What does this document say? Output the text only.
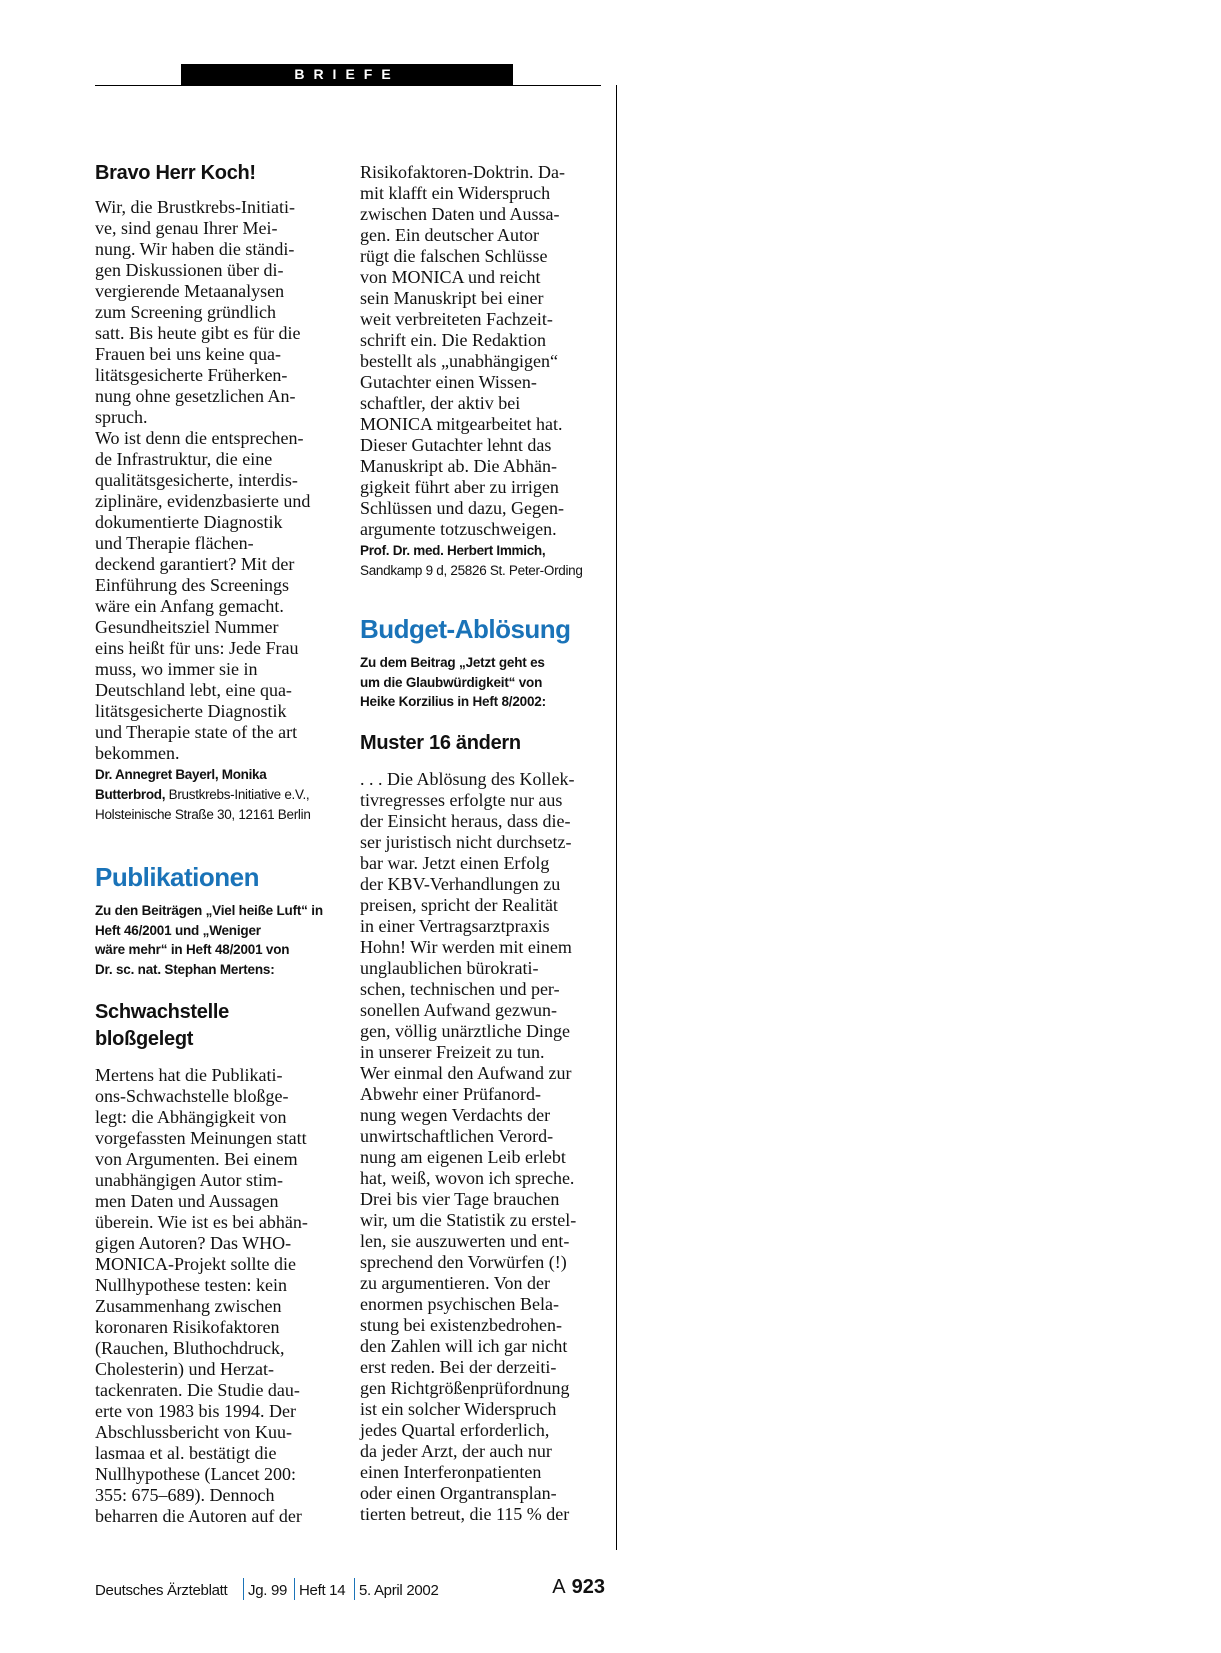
BRIEFE
Bravo Herr Koch!
Wir, die Brustkrebs-Initiati-
ve, sind genau Ihrer Mei-
nung. Wir haben die ständi-
gen Diskussionen über di-
vergierende Metaanalysen
zum Screening gründlich
satt. Bis heute gibt es für die
Frauen bei uns keine qua-
litätsgesicherte Früherken-
nung ohne gesetzlichen An-
spruch.
Wo ist denn die entsprechen-
de Infrastruktur, die eine
qualitätsgesicherte, interdis-
ziplinäre, evidenzbasierte und
dokumentierte Diagnostik
und Therapie flächen-
deckend garantiert? Mit der
Einführung des Screenings
wäre ein Anfang gemacht.
Gesundheitsziel Nummer
eins heißt für uns: Jede Frau
muss, wo immer sie in
Deutschland lebt, eine qua-
litätsgesicherte Diagnostik
und Therapie state of the art
bekommen.
Dr. Annegret Bayerl, Monika
Butterbrod, Brustkrebs-Initiative e.V.,
Holsteinische Straße 30, 12161 Berlin
Publikationen
Zu den Beiträgen „Viel heiße Luft“ in
Heft 46/2001 und „Weniger
wäre mehr“ in Heft 48/2001 von
Dr. sc. nat. Stephan Mertens:
Schwachstelle
bloßgelegt
Mertens hat die Publikati-
ons-Schwachstelle bloßge-
legt: die Abhängigkeit von
vorgefassten Meinungen statt
von Argumenten. Bei einem
unabhängigen Autor stim-
men Daten und Aussagen
überein. Wie ist es bei abhän-
gigen Autoren? Das WHO-
MONICA-Projekt sollte die
Nullhypothese testen: kein
Zusammenhang zwischen
koronaren Risikofaktoren
(Rauchen, Bluthochdruck,
Cholesterin) und Herzat-
tackenraten. Die Studie dau-
erte von 1983 bis 1994. Der
Abschlussbericht von Kuu-
lasmaa et al. bestätigt die
Nullhypothese (Lancet 200:
355: 675–689). Dennoch
beharren die Autoren auf der
Risikofaktoren-Doktrin. Da-
mit klafft ein Widerspruch
zwischen Daten und Aussa-
gen. Ein deutscher Autor
rügt die falschen Schlüsse
von MONICA und reicht
sein Manuskript bei einer
weit verbreiteten Fachzeit-
schrift ein. Die Redaktion
bestellt als „unabhängigen“
Gutachter einen Wissen-
schaftler, der aktiv bei
MONICA mitgearbeitet hat.
Dieser Gutachter lehnt das
Manuskript ab. Die Abhän-
gigkeit führt aber zu irrigen
Schlüssen und dazu, Gegen-
argumente totzuschweigen.
Prof. Dr. med. Herbert Immich,
Sandkamp 9 d, 25826 St. Peter-Ording
Budget-Ablösung
Zu dem Beitrag „Jetzt geht es
um die Glaubwürdigkeit“ von
Heike Korzilius in Heft 8/2002:
Muster 16 ändern
. . . Die Ablösung des Kollek-
tivregresses erfolgte nur aus
der Einsicht heraus, dass die-
ser juristisch nicht durchsetz-
bar war. Jetzt einen Erfolg
der KBV-Verhandlungen zu
preisen, spricht der Realität
in einer Vertragsarztpraxis
Hohn! Wir werden mit einem
unglaublichen bürokrati-
schen, technischen und per-
sonellen Aufwand gezwun-
gen, völlig unärztliche Dinge
in unserer Freizeit zu tun.
Wer einmal den Aufwand zur
Abwehr einer Prüfanord-
nung wegen Verdachts der
unwirtschaftlichen Verord-
nung am eigenen Leib erlebt
hat, weiß, wovon ich spreche.
Drei bis vier Tage brauchen
wir, um die Statistik zu erstel-
len, sie auszuwerten und ent-
sprechend den Vorwürfen (!)
zu argumentieren. Von der
enormen psychischen Bela-
stung bei existenzbedrohen-
den Zahlen will ich gar nicht
erst reden. Bei der derzeiti-
gen Richtgrößenprüfordnung
ist ein solcher Widerspruch
jedes Quartal erforderlich,
da jeder Arzt, der auch nur
einen Interferonpatienten
oder einen Organtransplan-
tierten betreut, die 115 % der
Deutsches Ärzteblatt Jg. 99 Heft 14 5. April 2002	A 923
